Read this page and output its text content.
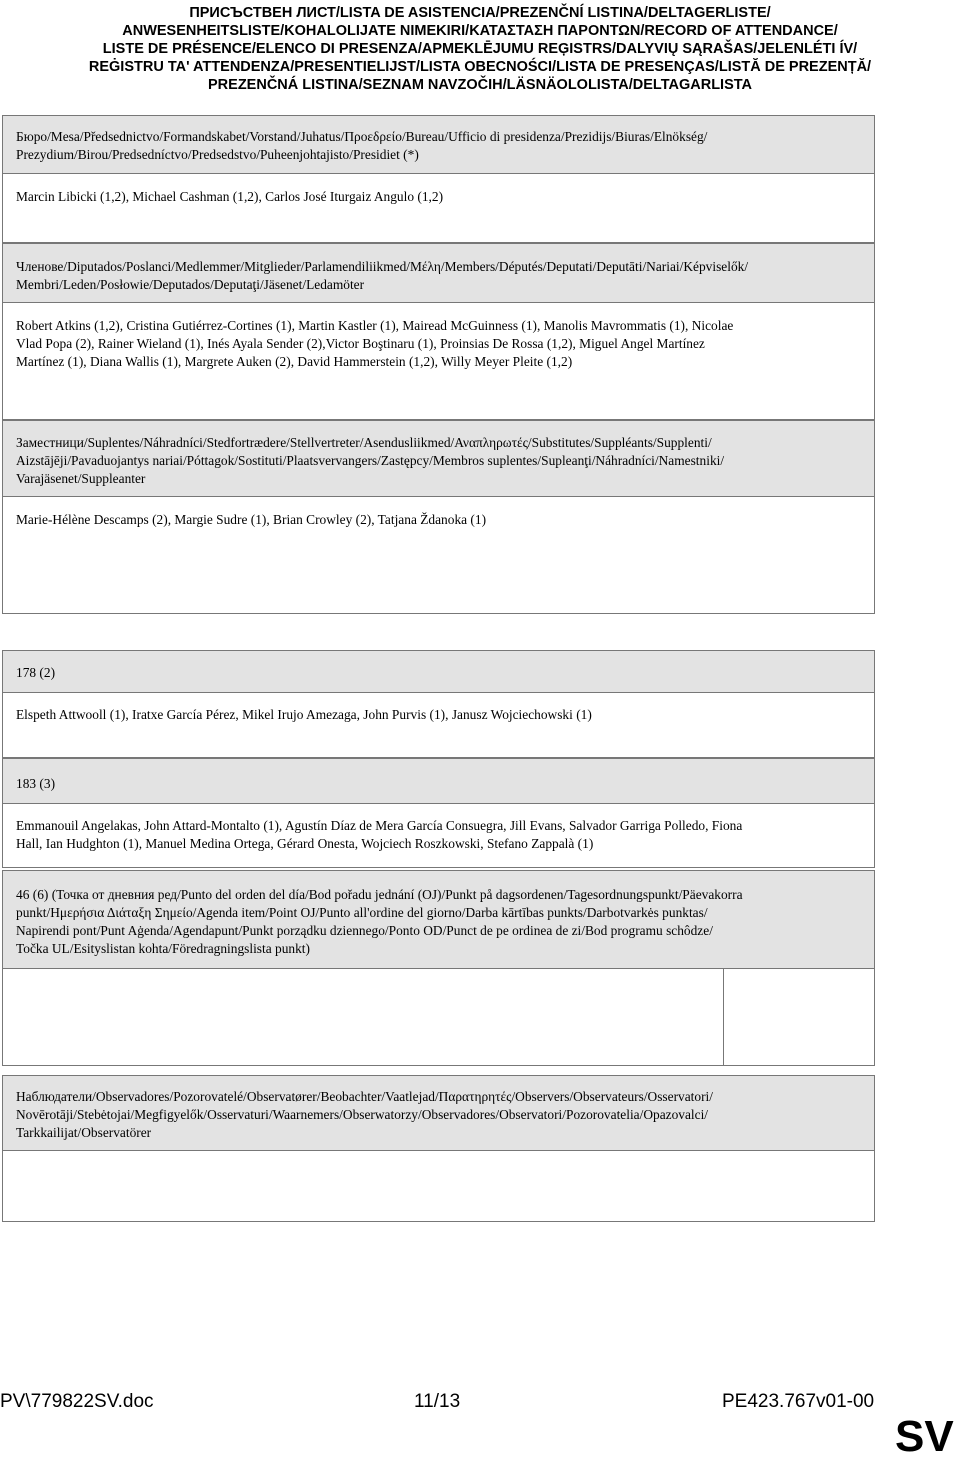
ПРИСЪСТВЕН ЛИСТ/LISTA DE ASISTENCIA/PREZENČNÍ LISTINA/DELTAGERLISTE/
ANWESENHEITSLISTE/KOHALOLIJATE NIMEKIRI/ΚΑΤΑΣΤΑΣΗ ΠΑΡΟΝΤΩΝ/RECORD OF ATTENDANCE/
LISTE DE PRÉSENCE/ELENCO DI PRESENZA/APMEKLĒJUMU REĢISTRS/DALYVIŲ SĄRAŠAS/JELENLÉTI ÍV/
REĠISTRU TA' ATTENDENZA/PRESENTIELIJST/LISTA OBECNOŚCI/LISTA DE PRESENÇAS/LISTĂ DE PREZENȚĂ/
PREZENČNÁ LISTINA/SEZNAM NAVZOČIH/LÄSNÄOLOLISTA/DELTAGARLISTA
Бюро/Mesa/Předsednictvo/Formandskabet/Vorstand/Juhatus/Προεδρείο/Bureau/Ufficio di presidenza/Prezidijs/Biuras/Elnökség/
Prezydium/Birou/Predsedníctvo/Predsedstvo/Puheenjohtajisto/Presidiet (*)
Marcin Libicki (1,2), Michael Cashman (1,2), Carlos José Iturgaiz Angulo (1,2)
Членове/Diputados/Poslanci/Medlemmer/Mitglieder/Parlamendiliikmed/Μέλη/Members/Députés/Deputati/Deputāti/Nariai/Képviselők/
Membri/Leden/Posłowie/Deputados/Deputaţi/Jäsenet/Ledamöter
Robert Atkins (1,2), Cristina Gutiérrez-Cortines (1), Martin Kastler (1), Mairead McGuinness (1), Manolis Mavrommatis (1), Nicolae
Vlad Popa (2), Rainer Wieland (1), Inés Ayala Sender (2),Victor Boştinaru (1), Proinsias De Rossa (1,2), Miguel Angel Martínez
Martínez (1), Diana Wallis (1), Margrete Auken (2), David Hammerstein (1,2), Willy Meyer Pleite (1,2)
Заместници/Suplentes/Náhradníci/Stedfortrædere/Stellvertreter/Asendusliikmed/Αναπληρωτές/Substitutes/Suppléants/Supplenti/
Aizstājēji/Pavaduojantys nariai/Póttagok/Sostituti/Plaatsvervangers/Zastępcy/Membros suplentes/Supleanţi/Náhradníci/Namestniki/
Varajäsenet/Suppleanter
Marie-Hélène Descamps (2), Margie Sudre (1), Brian Crowley (2), Tatjana Ždanoka (1)
178 (2)
Elspeth Attwooll (1), Iratxe García Pérez, Mikel Irujo Amezaga, John Purvis (1), Janusz Wojciechowski (1)
183 (3)
Emmanouil Angelakas, John Attard-Montalto (1), Agustín Díaz de Mera García Consuegra, Jill Evans, Salvador Garriga Polledo, Fiona
Hall, Ian Hudghton (1), Manuel Medina Ortega, Gérard Onesta, Wojciech Roszkowski, Stefano Zappalà (1)
46 (6) (Точка от дневния ред/Punto del orden del día/Bod pořadu jednání (OJ)/Punkt på dagsordenen/Tagesordnungspunkt/Päevakorra
punkt/Ημερήσια Διάταξη Σημείο/Agenda item/Point OJ/Punto all'ordine del giorno/Darba kārtības punkts/Darbotvarkės punktas/
Napirendi pont/Punt Aġenda/Agendapunt/Punkt porządku dziennego/Ponto OD/Punct de pe ordinea de zi/Bod programu schôdze/
Točka UL/Esityslistan kohta/Föredragningslista punkt)
Наблюдатели/Observadores/Pozorovatelé/Observatører/Beobachter/Vaatlejad/Παρατηρητές/Observers/Observateurs/Osservatori/
Novērotāji/Stebėtojai/Megfigyelők/Osservaturi/Waarnemers/Obserwatorzy/Observadores/Observatori/Pozorovatelia/Opazovalci/
Tarkkailijat/Observatörer
PV\779822SV.doc	11/13	PE423.767v01-00
SV
